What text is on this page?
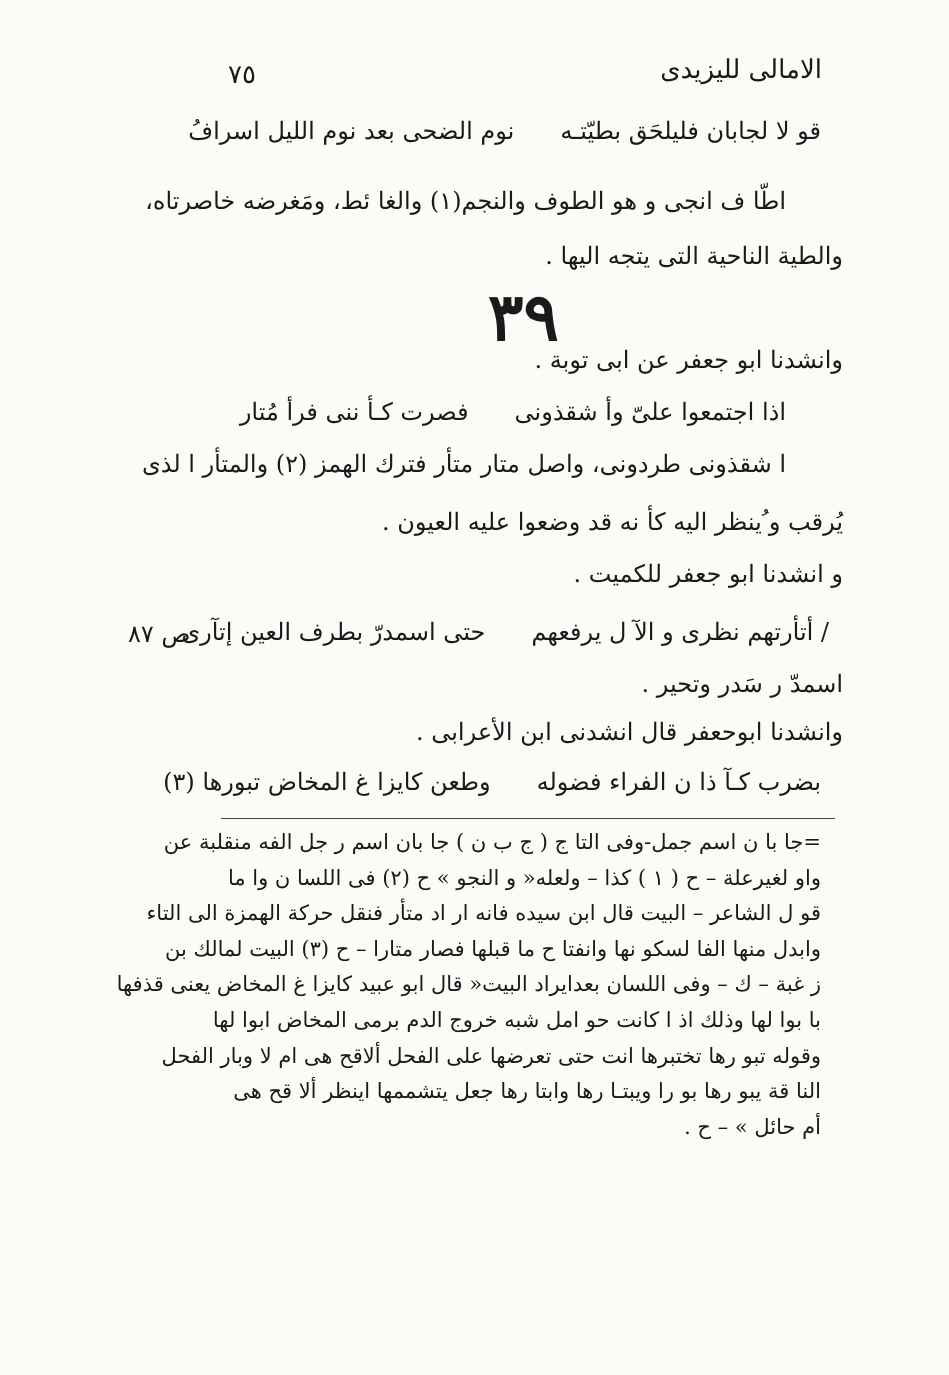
الامالى لليزيدى
٧٥
قو لا لجابان فليلحَق بطيّتـه
نوم الضحى بعد نوم الليل اسرافُ
اطّا ف انجى و هو الطوف والنجم(١) والغا ئط، ومَغرضه خاصرتاه،
والطية الناحية التى يتجه اليها .
٣٩
وانشدنا ابو جعفر عن ابى توبة .
اذا اجتمعوا علىّ وأ شقذونى
فصرت كـأ ننى فرأ مُتار
ا شقذونى طردونى، واصل متار متأر فترك الهمز (٢) والمتأر ا لذى
يُرقب و ُينظر اليه كأ نه قد وضعوا عليه العيون .
و انشدنا ابو جعفر للكميت .
/ أتأرتهم نظرى و الآ ل يرفعهم
حتى اسمدرّ بطرف العين إتآرى
ص ٨٧
اسمدّ ر سَدر وتحير .
وانشدنا ابوحعفر قال انشدنى ابن الأعرابى .
بضرب كـآ ذا ن الفراء فضوله
وطعن كايزا غ المخاض تبورها (٣)
=جا با ن اسم جمل-وفى التا ج ( ج ب ن ) جا بان اسم ر جل الفه منقلبة عن
واو لغيرعلة – ح ( ١ ) كذا – ولعله« و النجو » ح (٢) فى اللسا ن وا ما
قو ل الشاعر – البيت قال ابن سيده فانه ار اد متأر فنقل حركة الهمزة الى التاء
وابدل منها الفا لسكو نها وانفتا ح ما قبلها فصار متارا – ح (٣) البيت لمالك بن
ز غبة – ك – وفى اللسان بعدايراد البيت« قال ابو عبيد كايزا غ المخاض يعنى قذفها
با بوا لها وذلك اذ ا كانت حو امل شبه خروج الدم برمى المخاض ابوا لها
وقوله تبو رها تختبرها انت حتى تعرضها على الفحل ألاقح هى ام لا وبار الفحل
النا قة يبو رها بو را ويبتـا رها وابتا رها جعل يتشممها اينظر ألا قح هى
أم حائل » – ح .
